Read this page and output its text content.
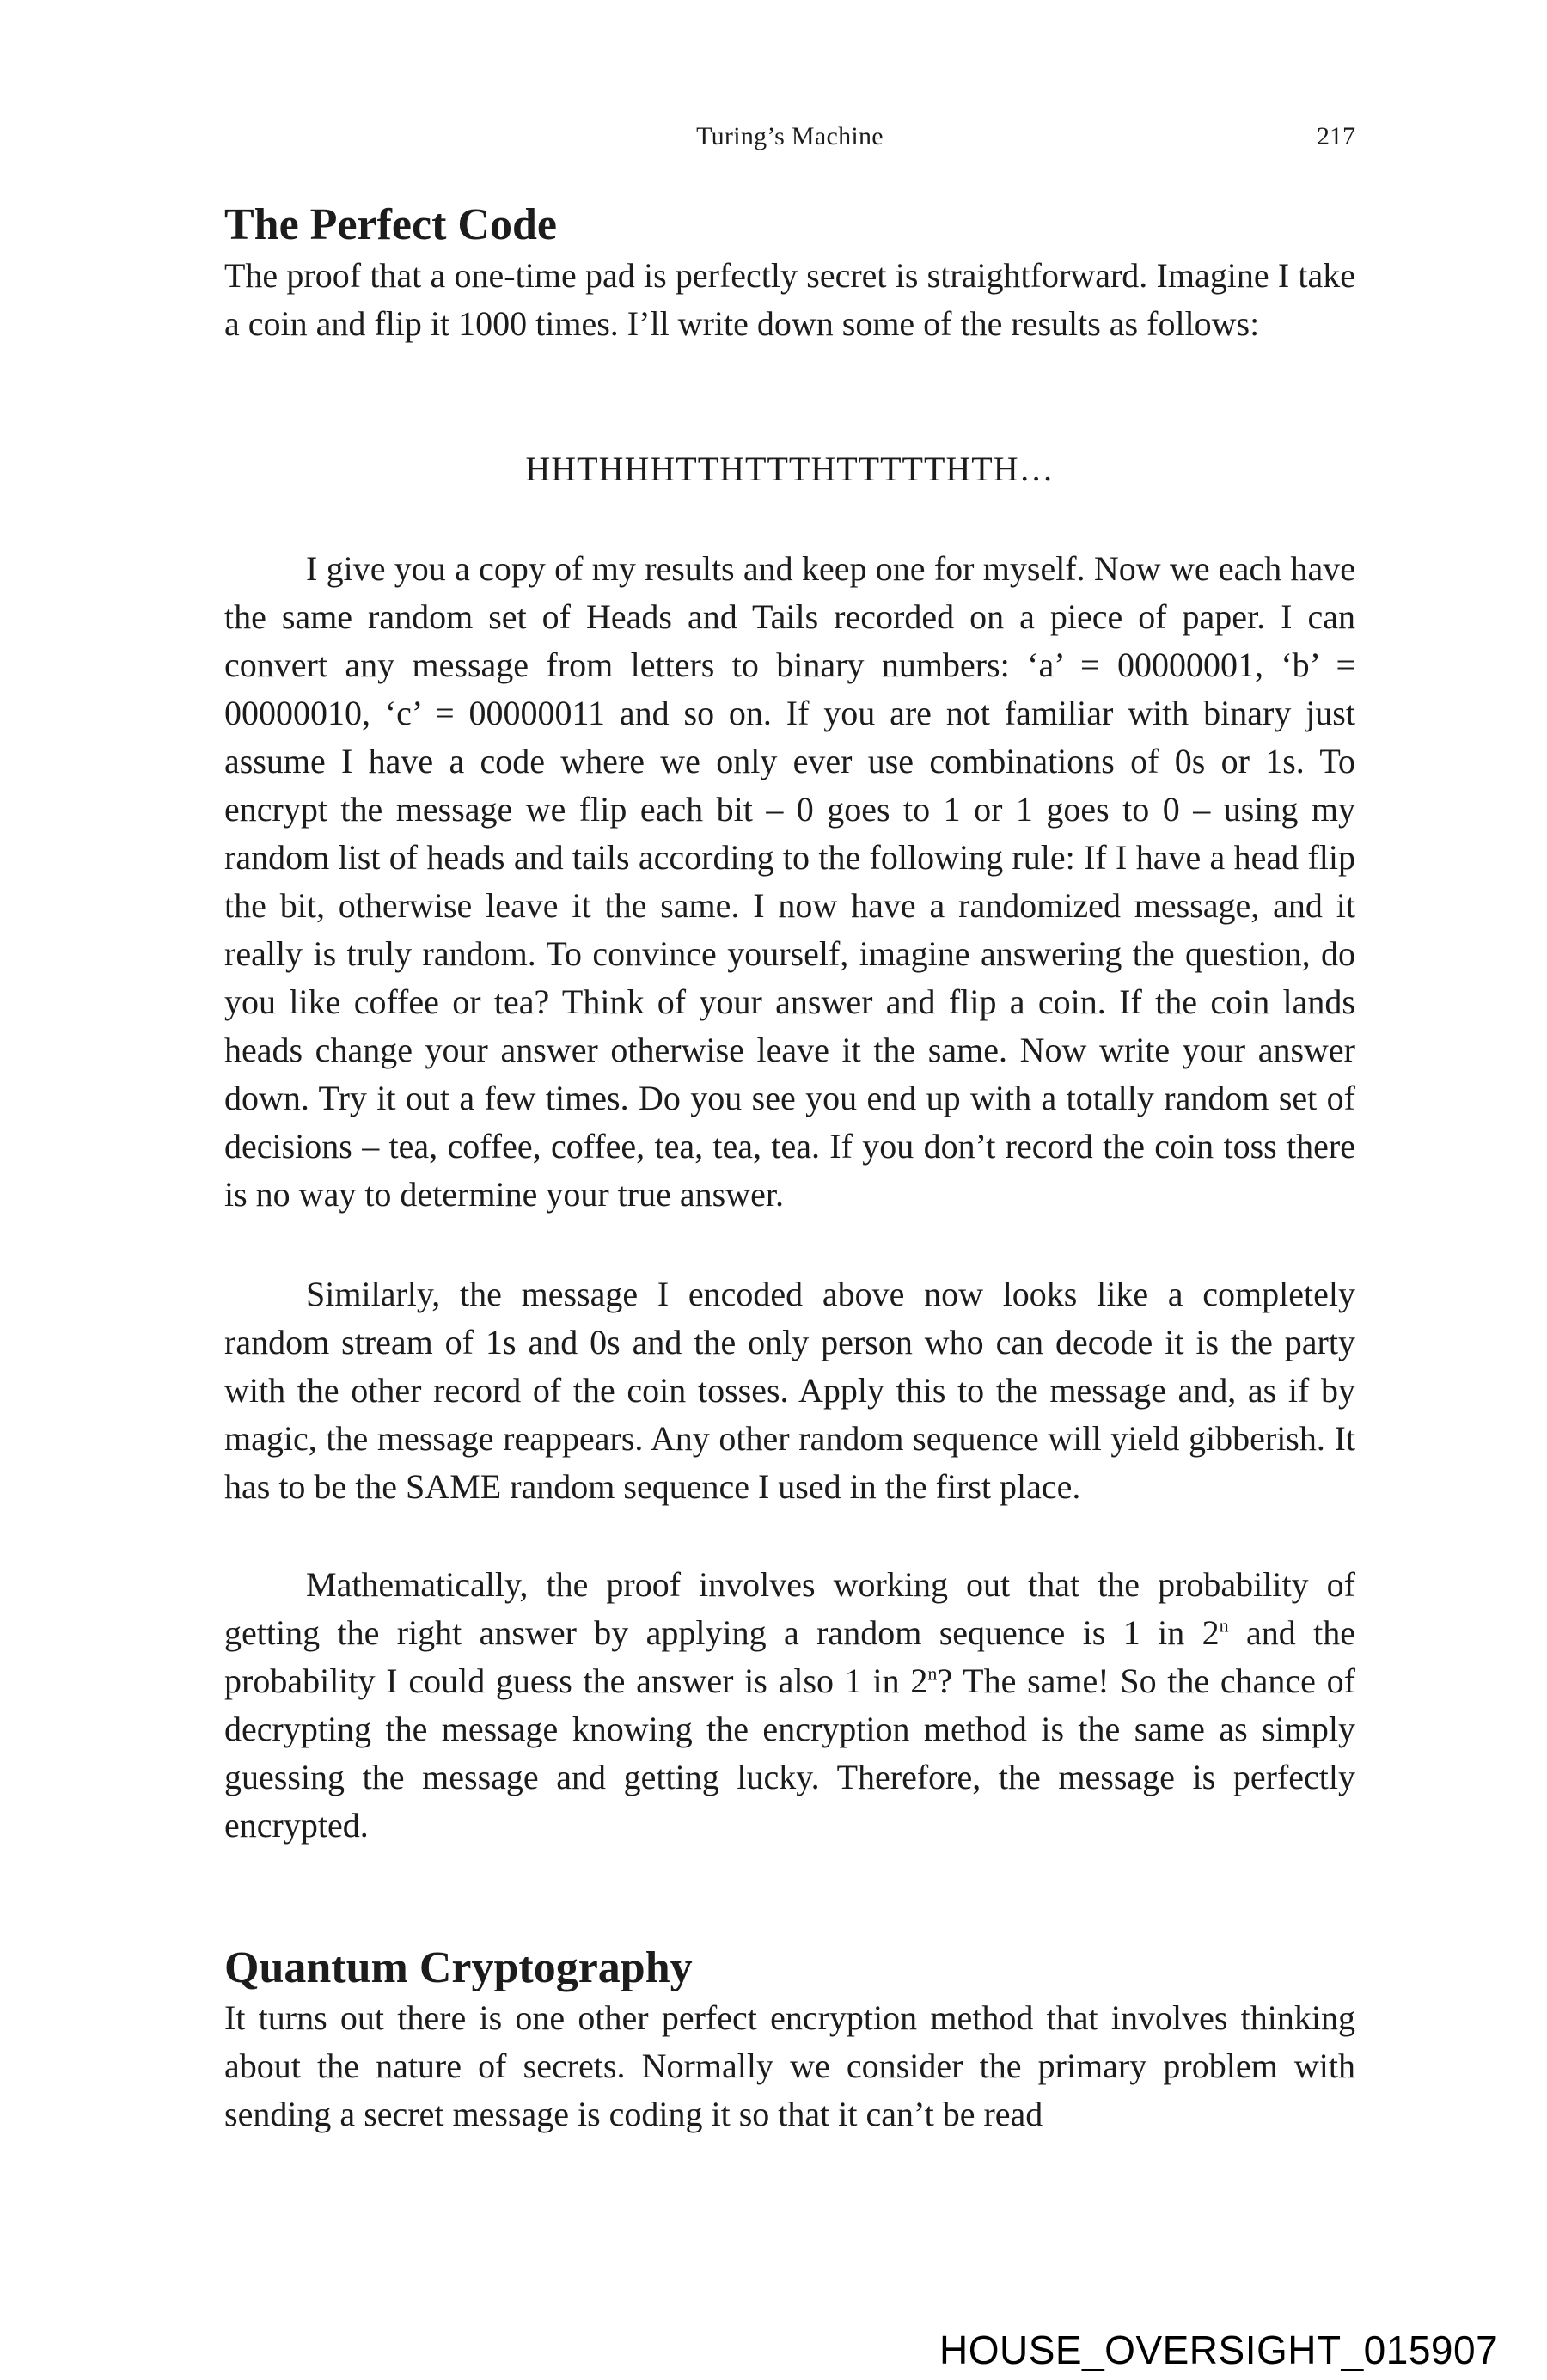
Turing’s Machine	217
The Perfect Code

The proof that a one-time pad is perfectly secret is straightforward. Imagine I take a coin and flip it 1000 times. I’ll write down some of the results as follows:

HHTHHHTTHTTTHTTTTTHTH…

I give you a copy of my results and keep one for myself. Now we each have the same random set of Heads and Tails recorded on a piece of paper. I can convert any message from letters to binary numbers: ‘a’ = 00000001, ‘b’ = 00000010, ‘c’ = 00000011 and so on. If you are not familiar with binary just assume I have a code where we only ever use combinations of 0s or 1s. To encrypt the message we flip each bit – 0 goes to 1 or 1 goes to 0 – using my random list of heads and tails according to the following rule: If I have a head flip the bit, otherwise leave it the same. I now have a randomized message, and it really is truly random. To convince yourself, imagine answering the question, do you like coffee or tea? Think of your answer and flip a coin. If the coin lands heads change your answer otherwise leave it the same. Now write your answer down. Try it out a few times. Do you see you end up with a totally random set of decisions – tea, coffee, coffee, tea, tea, tea. If you don’t record the coin toss there is no way to determine your true answer.

Similarly, the message I encoded above now looks like a completely random stream of 1s and 0s and the only person who can decode it is the party with the other record of the coin tosses. Apply this to the message and, as if by magic, the message reappears. Any other random sequence will yield gibberish. It has to be the SAME random sequence I used in the first place.

Mathematically, the proof involves working out that the probability of getting the right answer by applying a random sequence is 1 in 2$^n$ and the probability I could guess the answer is also 1 in 2$^n$? The same! So the chance of decrypting the message knowing the encryption method is the same as simply guessing the message and getting lucky. Therefore, the message is perfectly encrypted.

Quantum Cryptography

It turns out there is one other perfect encryption method that involves thinking about the nature of secrets. Normally we consider the primary problem with sending a secret message is coding it so that it can’t be read

HOUSE_OVERSIGHT_015907
